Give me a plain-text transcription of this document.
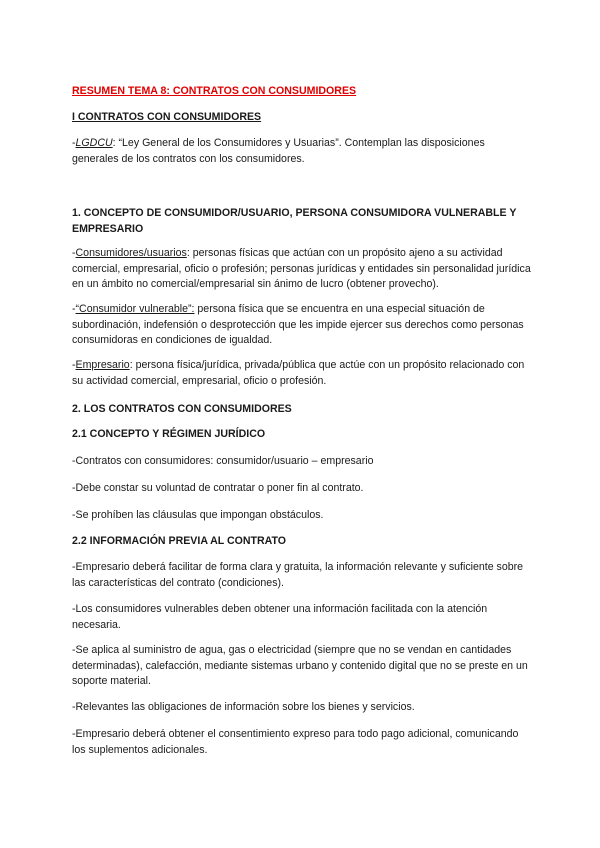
RESUMEN TEMA 8: CONTRATOS CON CONSUMIDORES

I CONTRATOS CON CONSUMIDORES

-LGDCU: “Ley General de los Consumidores y Usuarias”. Contemplan las disposiciones generales de los contratos con los consumidores.

1. CONCEPTO DE CONSUMIDOR/USUARIO, PERSONA CONSUMIDORA VULNERABLE Y EMPRESARIO

-Consumidores/usuarios: personas físicas que actúan con un propósito ajeno a su actividad comercial, empresarial, oficio o profesión; personas jurídicas y entidades sin personalidad jurídica en un ámbito no comercial/empresarial sin ánimo de lucro (obtener provecho).

-“Consumidor vulnerable”: persona física que se encuentra en una especial situación de subordinación, indefensión o desprotección que les impide ejercer sus derechos como personas consumidoras en condiciones de igualdad.

-Empresario: persona física/jurídica, privada/pública que actúe con un propósito relacionado con su actividad comercial, empresarial, oficio o profesión.

2. LOS CONTRATOS CON CONSUMIDORES

2.1 CONCEPTO Y RÉGIMEN JURÍDICO

-Contratos con consumidores: consumidor/usuario – empresario

-Debe constar su voluntad de contratar o poner fin al contrato.

-Se prohíben las cláusulas que impongan obstáculos.

2.2 INFORMACIÓN PREVIA AL CONTRATO

-Empresario deberá facilitar de forma clara y gratuita, la información relevante y suficiente sobre las características del contrato (condiciones).

-Los consumidores vulnerables deben obtener una información facilitada con la atención necesaria.

-Se aplica al suministro de agua, gas o electricidad (siempre que no se vendan en cantidades determinadas), calefacción, mediante sistemas urbano y contenido digital que no se preste en un soporte material.

-Relevantes las obligaciones de información sobre los bienes y servicios.

-Empresario deberá obtener el consentimiento expreso para todo pago adicional, comunicando los suplementos adicionales.
